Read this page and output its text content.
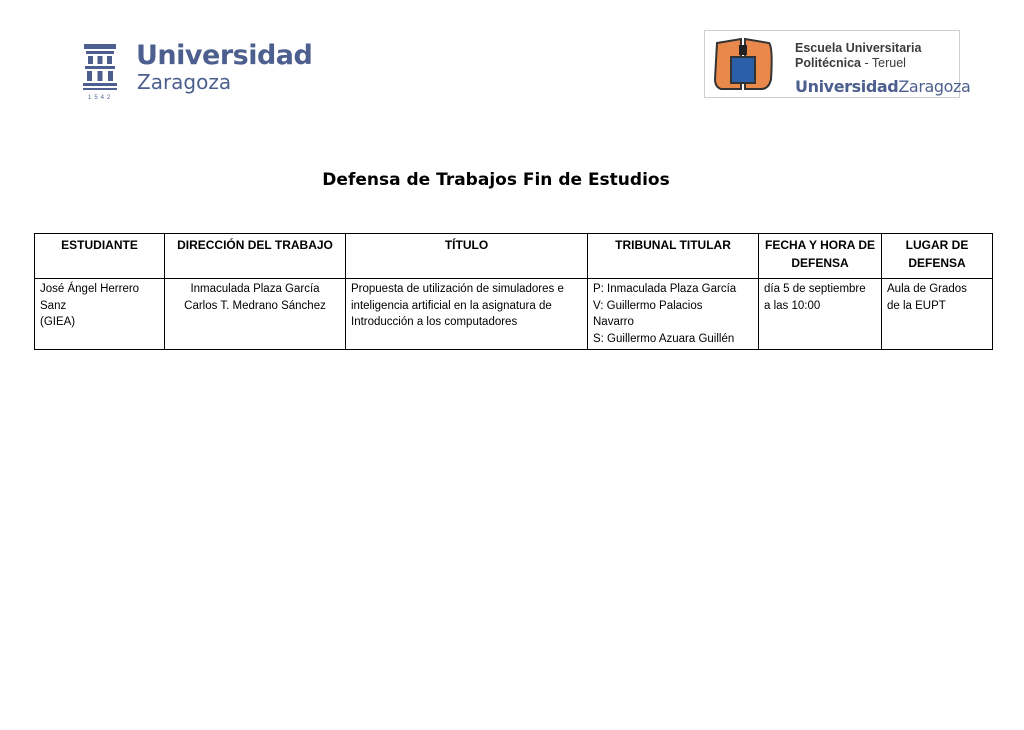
Universidad
Zaragoza
1542
Escuela Universitaria
Politécnica - Teruel
UniversidadZaragoza
Defensa de Trabajos Fin de Estudios
ESTUDIANTE	DIRECCIÓN DEL TRABAJO	TÍTULO	TRIBUNAL TITULAR	FECHA Y HORA DE DEFENSA	LUGAR DE DEFENSA

José Ángel Herrero
Sanz
(GIEA)	Inmaculada Plaza García
Carlos T. Medrano Sánchez	Propuesta de utilización de simuladores e
inteligencia artificial en la asignatura de
Introducción a los computadores	P: Inmaculada Plaza García
V: Guillermo Palacios
Navarro
S: Guillermo Azuara Guillén	día 5 de septiembre
a las 10:00	Aula de Grados
de la EUPT
